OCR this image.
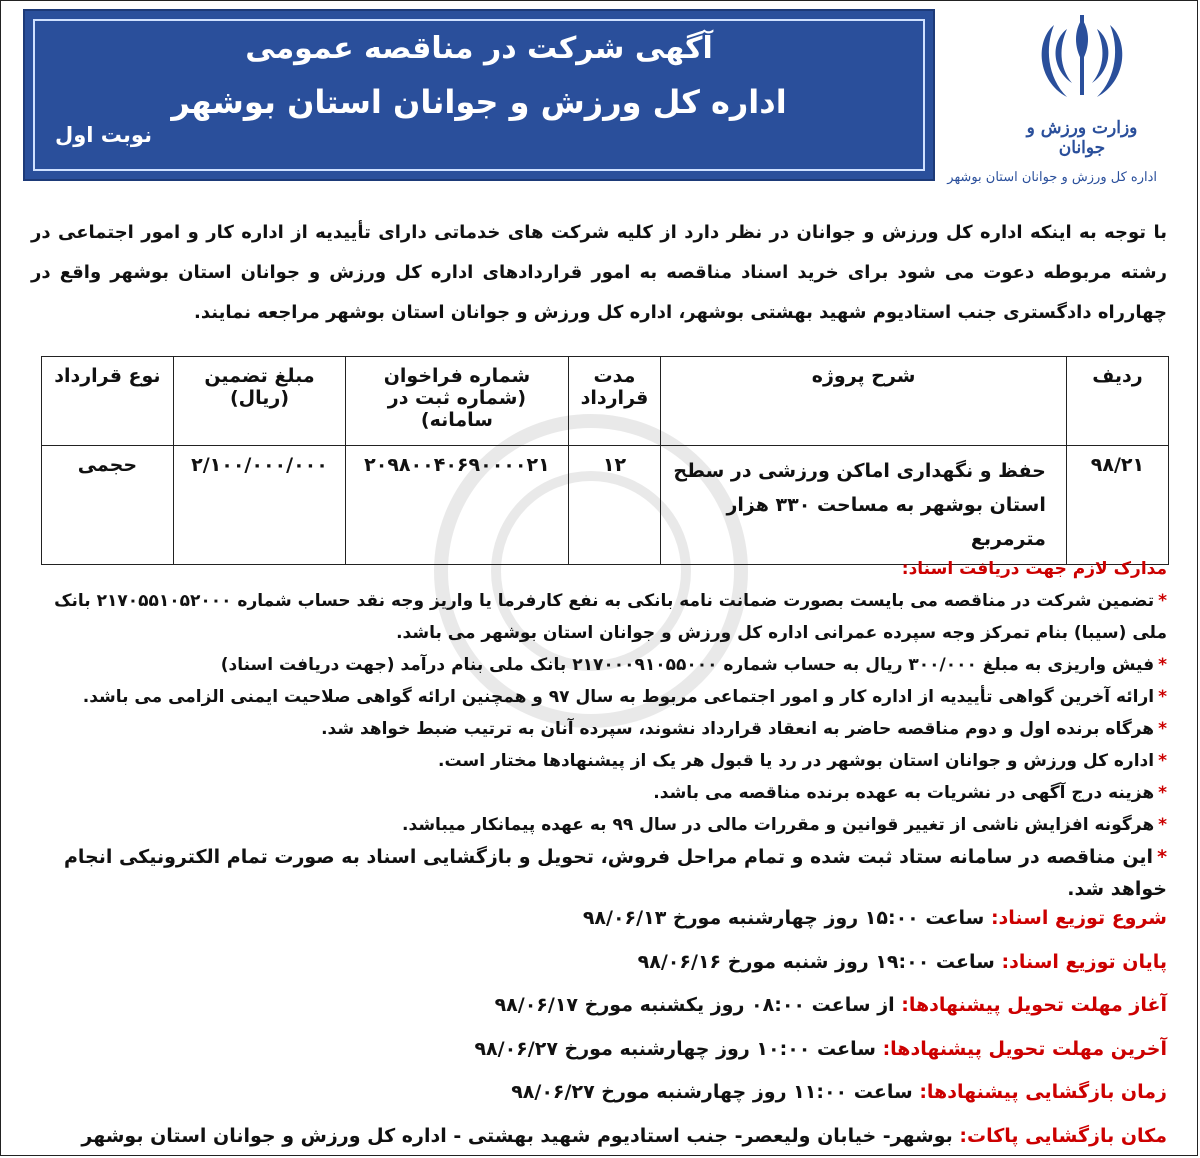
وزارت ورزش و جوانان
اداره کل ورزش و جوانان استان بوشهر
آگهی شرکت در مناقصه عمومی
اداره کل ورزش و جوانان استان بوشهر
نوبت اول
با توجه به اینکه اداره کل ورزش و جوانان در نظر دارد از کلیه شرکت های خدماتی دارای تأییدیه از اداره کار و امور اجتماعی در رشته مربوطه دعوت می شود برای خرید اسناد مناقصه به امور قراردادهای اداره کل ورزش و جوانان استان بوشهر واقع در چهارراه دادگستری جنب استادیوم شهید بهشتی بوشهر، اداره کل ورزش و جوانان استان بوشهر مراجعه نمایند.
ردیف	شرح پروژه	مدت قرارداد	شماره فراخوان (شماره ثبت در سامانه)	مبلغ تضمین (ریال)	نوع قرارداد
۹۸/۲۱	حفظ و نگهداری اماکن ورزشی در سطح استان بوشهر به مساحت ۳۳۰ هزار مترمربع	۱۲	۲۰۹۸۰۰۴۰۶۹۰۰۰۰۲۱	۲/۱۰۰/۰۰۰/۰۰۰	حجمی
مدارک لازم جهت دریافت اسناد:
*تضمین شرکت در مناقصه می بایست بصورت ضمانت نامه بانکی به نفع کارفرما یا واریز وجه نقد حساب شماره ۲۱۷۰۵۵۱۰۵۲۰۰۰ بانک ملی (سیبا) بنام تمرکز وجه سپرده عمرانی اداره کل ورزش و جوانان استان بوشهر می باشد.
*فیش واریزی به مبلغ ۳۰۰/۰۰۰ ریال به حساب شماره ۲۱۷۰۰۰۹۱۰۵۵۰۰۰ بانک ملی بنام درآمد (جهت دریافت اسناد)
*ارائه آخرین گواهی تأییدیه از اداره کار و امور اجتماعی مربوط به سال ۹۷ و همچنین ارائه گواهی صلاحیت ایمنی الزامی می باشد.
*هرگاه برنده اول و دوم مناقصه حاضر به انعقاد قرارداد نشوند، سپرده آنان به ترتیب ضبط خواهد شد.
*اداره کل ورزش و جوانان استان بوشهر در رد یا قبول هر یک از پیشنهادها مختار است.
*هزینه درج آگهی در نشریات به عهده برنده مناقصه می باشد.
*هرگونه افزایش ناشی از تغییر قوانین و مقررات مالی در سال ۹۹ به عهده پیمانکار میباشد.
*این مناقصه در سامانه ستاد ثبت شده و تمام مراحل فروش، تحویل و بازگشایی اسناد به صورت تمام الکترونیکی انجام خواهد شد.
شروع توزیع اسناد: ساعت ۱۵:۰۰ روز چهارشنبه مورخ ۹۸/۰۶/۱۳
پایان توزیع اسناد: ساعت ۱۹:۰۰ روز شنبه مورخ ۹۸/۰۶/۱۶
آغاز مهلت تحویل پیشنهادها: از ساعت ۰۸:۰۰ روز یکشنبه مورخ ۹۸/۰۶/۱۷
آخرین مهلت تحویل پیشنهادها: ساعت ۱۰:۰۰ روز چهارشنبه مورخ ۹۸/۰۶/۲۷
زمان بازگشایی پیشنهادها: ساعت ۱۱:۰۰ روز چهارشنبه مورخ ۹۸/۰۶/۲۷
مکان بازگشایی پاکات: بوشهر- خیابان ولیعصر- جنب استادیوم شهید بهشتی - اداره کل ورزش و جوانان استان بوشهر
